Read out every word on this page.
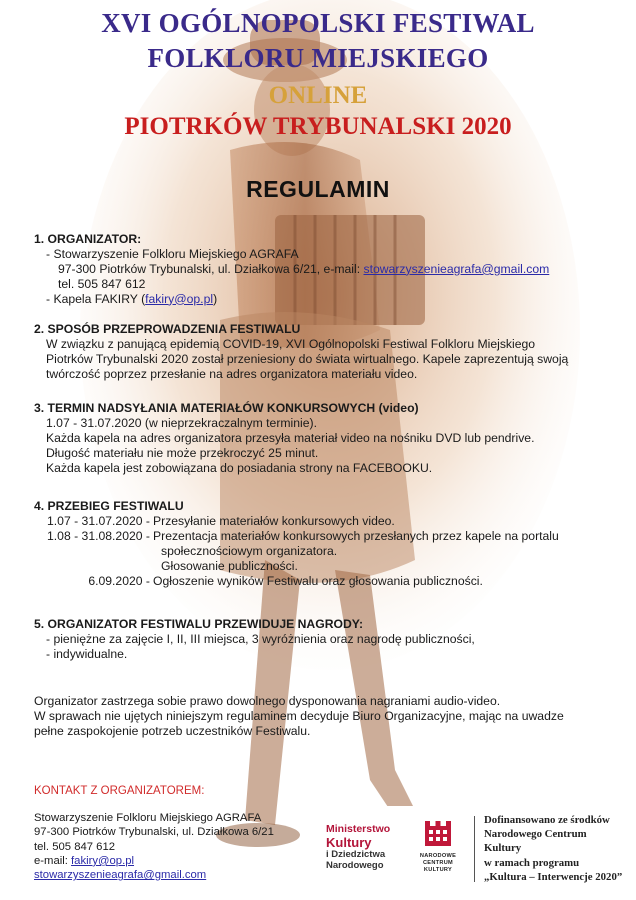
XVI OGÓLNOPOLSKI FESTIWAL
FOLKLORU MIEJSKIEGO
ONLINE
PIOTRKÓW TRYBUNALSKI 2020
REGULAMIN
1. ORGANIZATOR:
- Stowarzyszenie Folkloru Miejskiego AGRAFA
97-300 Piotrków Trybunalski, ul. Działkowa 6/21, e-mail: stowarzyszenieagrafa@gmail.com
tel. 505 847 612
- Kapela FAKIRY (fakiry@op.pl)
2. SPOSÓB PRZEPROWADZENIA FESTIWALU
W związku z panującą epidemią COVID-19, XVI Ogólnopolski Festiwal Folkloru Miejskiego
Piotrków Trybunalski 2020 został przeniesiony do świata wirtualnego. Kapele zaprezentują swoją
twórczość poprzez przesłanie na adres organizatora materiału video.
3. TERMIN NADSYŁANIA MATERIAŁÓW KONKURSOWYCH (video)
1.07 - 31.07.2020 (w nieprzekraczalnym terminie).
Każda kapela na adres organizatora przesyła materiał video na nośniku DVD lub pendrive.
Długość materiału nie może przekroczyć 25 minut.
Każda kapela jest zobowiązana do posiadania strony na FACEBOOKU.
4. PRZEBIEG FESTIWALU
1.07 - 31.07.2020 - Przesyłanie materiałów konkursowych video.
1.08 - 31.08.2020 - Prezentacja materiałów konkursowych przesłanych przez kapele na portalu
społecznościowym organizatora.
Głosowanie publiczności.
6.09.2020 - Ogłoszenie wyników Festiwalu oraz głosowania publiczności.
5. ORGANIZATOR FESTIWALU PRZEWIDUJE NAGRODY:
- pieniężne za zajęcie I, II, III miejsca, 3 wyróżnienia oraz nagrodę publiczności,
- indywidualne.
Organizator zastrzega sobie prawo dowolnego dysponowania nagraniami audio-video.
W sprawach nie ujętych niniejszym regulaminem decyduje Biuro Organizacyjne, mając na uwadze
pełne zaspokojenie potrzeb uczestników Festiwalu.
KONTAKT Z ORGANIZATOREM:
Stowarzyszenie Folkloru Miejskiego AGRAFA
97-300 Piotrków Trybunalski, ul. Działkowa 6/21
tel. 505 847 612
e-mail: fakiry@op.pl
stowarzyszenieagrafa@gmail.com
Ministerstwo
Kultury
i Dziedzictwa
Narodowego
NARODOWE
CENTRUM
KULTURY
Dofinansowano ze środków
Narodowego Centrum Kultury
w ramach programu
„Kultura – Interwencje 2020”
